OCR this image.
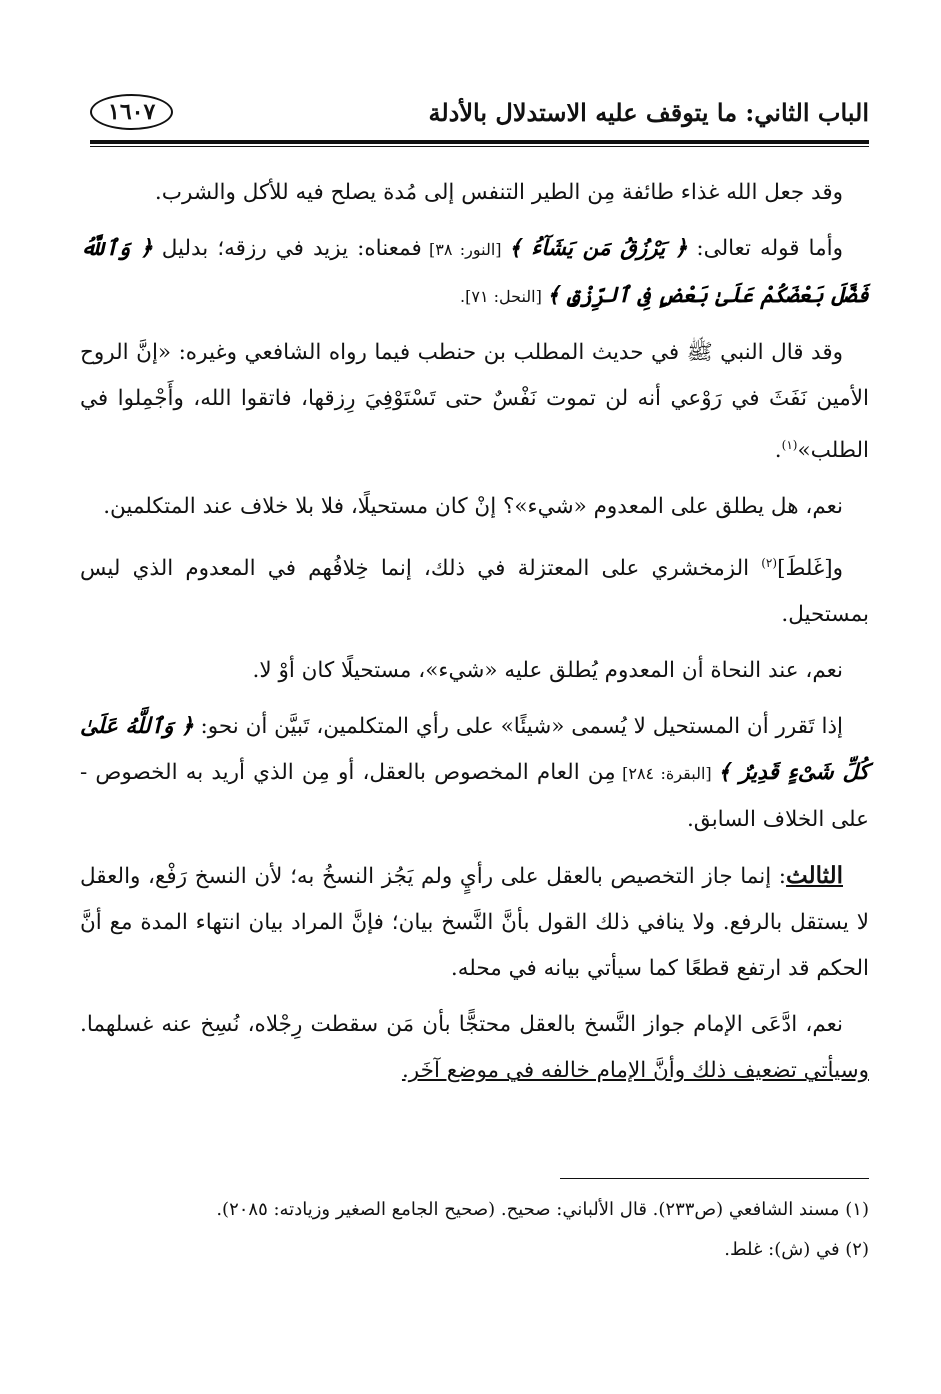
الباب الثاني: ما يتوقف عليه الاستدلال بالأدلة
١٦٠٧

وقد جعل الله غذاء طائفة مِن الطير التنفس إلى مُدة يصلح فيه للأكل والشرب.

وأما قوله تعالى: ﴿ يَرْزُقُ مَن يَشَآءُ ﴾ [النور: ٣٨] فمعناه: يزيد في رزقه؛ بدليل ﴿ وَٱللَّهُ فَضَّلَ بَعْضَكُمْ عَلَىٰ بَعْضٍ فِى ٱلرِّزْقِ ﴾ [النحل: ٧١].

وقد قال النبي ﷺ في حديث المطلب بن حنطب فيما رواه الشافعي وغيره: «إنَّ الروح الأمين نَفَثَ في رَوْعي أنه لن تموت نَفْسٌ حتى تَسْتَوْفِيَ رِزقها، فاتقوا الله، وأَجْمِلوا في الطلب»$^{(١)}$.

نعم، هل يطلق على المعدوم «شيء»؟ إنْ كان مستحيلًا، فلا بلا خلاف عند المتكلمين.

و[غَلطَ]$^{(٢)}$ الزمخشري على المعتزلة في ذلك، إنما خِلافُهم في المعدوم الذي ليس بمستحيل.

نعم، عند النحاة أن المعدوم يُطلق عليه «شيء»، مستحيلًا كان أوْ لا.

إذا تَقرر أن المستحيل لا يُسمى «شيئًا» على رأي المتكلمين، تَبيَّن أن نحو: ﴿ وَٱللَّهُ عَلَىٰ كُلِّ شَىْءٍ قَدِيرٌ ﴾ [البقرة: ٢٨٤] مِن العام المخصوص بالعقل، أو مِن الذي أريد به الخصوص - على الخلاف السابق.

الثالث: إنما جاز التخصيص بالعقل على رأيٍ ولم يَجُز النسخُ به؛ لأن النسخ رَفْع، والعقل لا يستقل بالرفع. ولا ينافي ذلك القول بأنَّ النَّسخ بيان؛ فإنَّ المراد بيان انتهاء المدة مع أنَّ الحكم قد ارتفع قطعًا كما سيأتي بيانه في محله.

نعم، ادَّعَى الإمام جواز النَّسخ بالعقل محتجًّا بأن مَن سقطت رِجْلاه، نُسِخ عنه غسلهما. وسيأتي تضعيف ذلك وأنَّ الإمام خالفه في موضع آخَر.

(١) مسند الشافعي (ص٢٣٣). قال الألباني: صحيح. (صحيح الجامع الصغير وزيادته: ٢٠٨٥).

(٢) في (ش): غلط.
